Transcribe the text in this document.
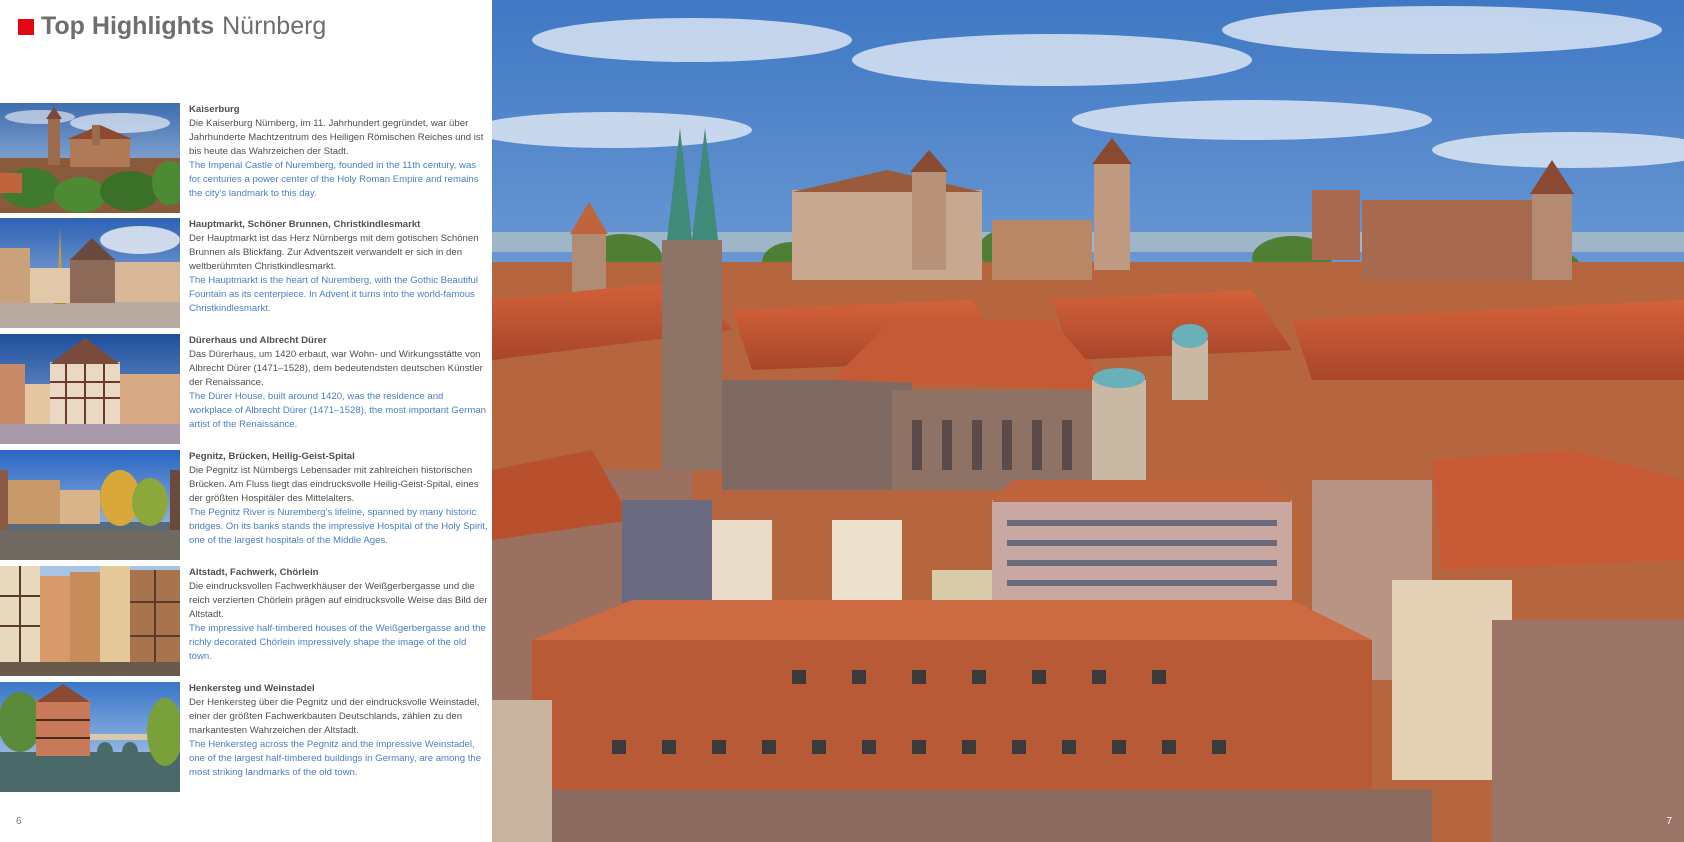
Top Highlights Nürnberg
Kaiserburg
Die Kaiserburg Nürnberg, im 11. Jahrhundert gegründet, war über Jahrhunderte Machtzentrum des Heiligen Römischen Reiches und ist bis heute das Wahrzeichen der Stadt.
The Imperial Castle of Nuremberg, founded in the 11th century, was for centuries a power center of the Holy Roman Empire and remains the city’s landmark to this day.
Hauptmarkt, Schöner Brunnen, Christkindlesmarkt
Der Hauptmarkt ist das Herz Nürnbergs mit dem gotischen Schönen Brunnen als Blickfang. Zur Adventszeit verwandelt er sich in den weltberühmten Christkindlesmarkt.
The Hauptmarkt is the heart of Nuremberg, with the Gothic Beautiful Fountain as its centerpiece. In Advent it turns into the world-famous Christkindlesmarkt.
Dürerhaus und Albrecht Dürer
Das Dürerhaus, um 1420 erbaut, war Wohn- und Wirkungsstätte von Albrecht Dürer (1471–1528), dem bedeutendsten deutschen Künstler der Renaissance.
The Dürer House, built around 1420, was the residence and workplace of Albrecht Dürer (1471–1528), the most important German artist of the Renaissance.
Pegnitz, Brücken, Heilig-Geist-Spital
Die Pegnitz ist Nürnbergs Lebensader mit zahlreichen historischen Brücken. Am Fluss liegt das eindrucksvolle Heilig-Geist-Spital, eines der größten Hospitäler des Mittelalters.
The Pegnitz River is Nuremberg’s lifeline, spanned by many historic bridges. On its banks stands the impressive Hospital of the Holy Spirit, one of the largest hospitals of the Middle Ages.
Altstadt, Fachwerk, Chörlein
Die eindrucksvollen Fachwerkhäuser der Weißgerbergasse und die reich verzierten Chörlein prägen auf eindrucksvolle Weise das Bild der Altstadt.
The impressive half-timbered houses of the Weißgerbergasse and the richly decorated Chörlein impressively shape the image of the old town.
Henkersteg und Weinstadel
Der Henkersteg über die Pegnitz und der eindrucksvolle Weinstadel, einer der größten Fachwerkbauten Deutschlands, zählen zu den markantesten Wahrzeichen der Altstadt.
The Henkersteg across the Pegnitz and the impressive Weinstadel, one of the largest half-timbered buildings in Germany, are among the most striking landmarks of the old town.
6	7
